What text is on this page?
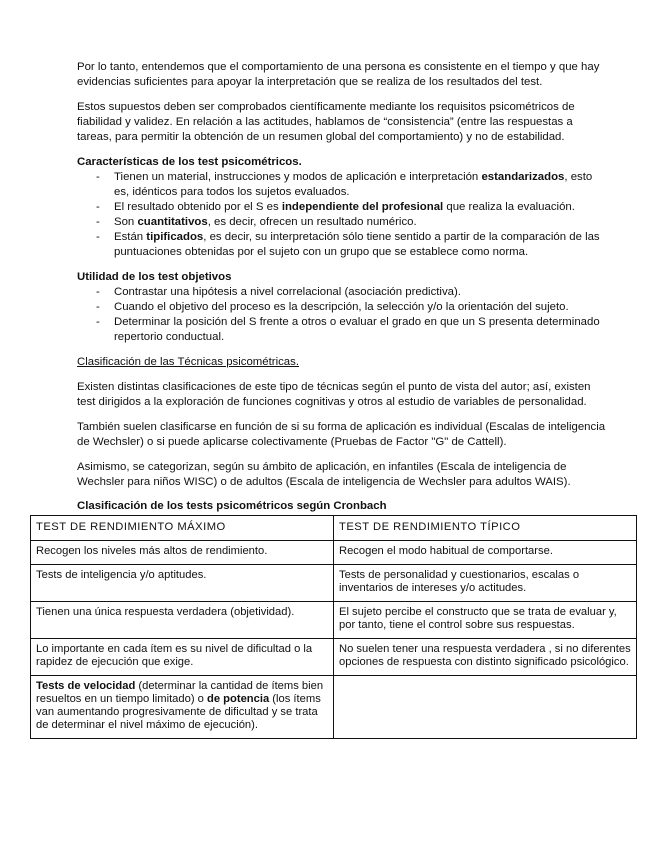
Por lo tanto, entendemos que el comportamiento de una persona es consistente en el tiempo y que hay evidencias suficientes para apoyar la interpretación que se realiza de los resultados del test.

Estos supuestos deben ser comprobados científicamente mediante los requisitos psicométricos de fiabilidad y validez. En relación a las actitudes, hablamos de “consistencia” (entre las respuestas a tareas, para permitir la obtención de un resumen global del comportamiento) y no de estabilidad.

Características de los test psicométricos.
- Tienen un material, instrucciones y modos de aplicación e interpretación estandarizados, esto es, idénticos para todos los sujetos evaluados.
- El resultado obtenido por el S es independiente del profesional que realiza la evaluación.
- Son cuantitativos, es decir, ofrecen un resultado numérico.
- Están tipificados, es decir, su interpretación sólo tiene sentido a partir de la comparación de las puntuaciones obtenidas por el sujeto con un grupo que se establece como norma.
Utilidad de los test objetivos
- Contrastar una hipótesis a nivel correlacional (asociación predictiva).
- Cuando el objetivo del proceso es la descripción, la selección y/o la orientación del sujeto.
- Determinar la posición del S frente a otros o evaluar el grado en que un S presenta determinado repertorio conductual.
Clasificación de las Técnicas psicométricas.

Existen distintas clasificaciones de este tipo de técnicas según el punto de vista del autor; así, existen test dirigidos a la exploración de funciones cognitivas y otros al estudio de variables de personalidad.

También suelen clasificarse en función de si su forma de aplicación es individual (Escalas de inteligencia de Wechsler) o si puede aplicarse colectivamente (Pruebas de Factor "G" de Cattell).

Asimismo, se categorizan, según su ámbito de aplicación, en infantiles (Escala de inteligencia de Wechsler para niños WISC) o de adultos (Escala de inteligencia de Wechsler para adultos WAIS).

Clasificación de los tests psicométricos según Cronbach
TEST DE RENDIMIENTO MÁXIMO	TEST DE RENDIMIENTO TÍPICO
Recogen los niveles más altos de rendimiento.	Recogen el modo habitual de comportarse.
Tests de inteligencia y/o aptitudes.	Tests de personalidad y cuestionarios, escalas o inventarios de intereses y/o actitudes.
Tienen una única respuesta verdadera (objetividad).	El sujeto percibe el constructo que se trata de evaluar y, por tanto, tiene el control sobre sus respuestas.
Lo importante en cada ítem es su nivel de dificultad o la rapidez de ejecución que exige.	No suelen tener una respuesta verdadera , si no diferentes opciones de respuesta con distinto significado psicológico.
Tests de velocidad (determinar la cantidad de ítems bien resueltos en un tiempo limitado) o de potencia (los ítems van aumentando progresivamente de dificultad y se trata de determinar el nivel máximo de ejecución).	
